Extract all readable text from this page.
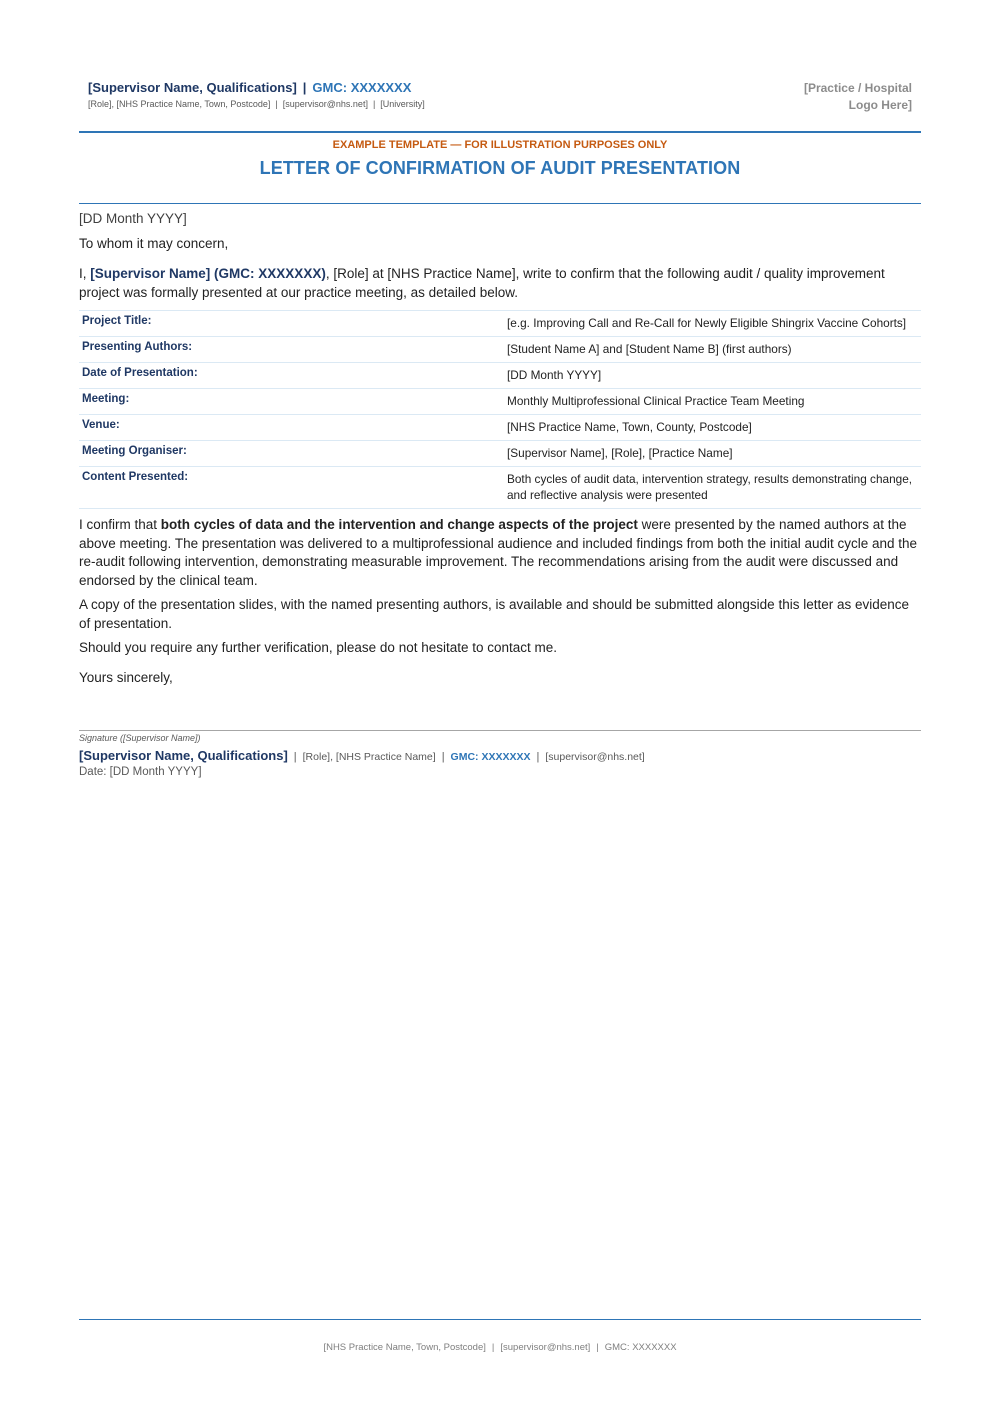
[Supervisor Name, Qualifications] | GMC: XXXXXXX
[Role], [NHS Practice Name, Town, Postcode] | [supervisor@nhs.net] | [University]
[Practice / Hospital
Logo Here]
EXAMPLE TEMPLATE — FOR ILLUSTRATION PURPOSES ONLY
LETTER OF CONFIRMATION OF AUDIT PRESENTATION
[DD Month YYYY]
To whom it may concern,
I, [Supervisor Name] (GMC: XXXXXXX), [Role] at [NHS Practice Name], write to confirm that the following audit / quality improvement project was formally presented at our practice meeting, as detailed below.
Project Title:	[e.g. Improving Call and Re-Call for Newly Eligible Shingrix Vaccine Cohorts]
Presenting Authors:	[Student Name A] and [Student Name B] (first authors)
Date of Presentation:	[DD Month YYYY]
Meeting:	Monthly Multiprofessional Clinical Practice Team Meeting
Venue:	[NHS Practice Name, Town, County, Postcode]
Meeting Organiser:	[Supervisor Name], [Role], [Practice Name]
Content Presented:	Both cycles of audit data, intervention strategy, results demonstrating change, and reflective analysis were presented

I confirm that both cycles of data and the intervention and change aspects of the project were presented by the named authors at the above meeting. The presentation was delivered to a multiprofessional audience and included findings from both the initial audit cycle and the re-audit following intervention, demonstrating measurable improvement. The recommendations arising from the audit were discussed and endorsed by the clinical team.

A copy of the presentation slides, with the named presenting authors, is available and should be submitted alongside this letter as evidence of presentation.

Should you require any further verification, please do not hesitate to contact me.

Yours sincerely,
Signature ([Supervisor Name])
[Supervisor Name, Qualifications] | [Role], [NHS Practice Name] | GMC: XXXXXXX | [supervisor@nhs.net]
Date: [DD Month YYYY]
[NHS Practice Name, Town, Postcode] | [supervisor@nhs.net] | GMC: XXXXXXX
